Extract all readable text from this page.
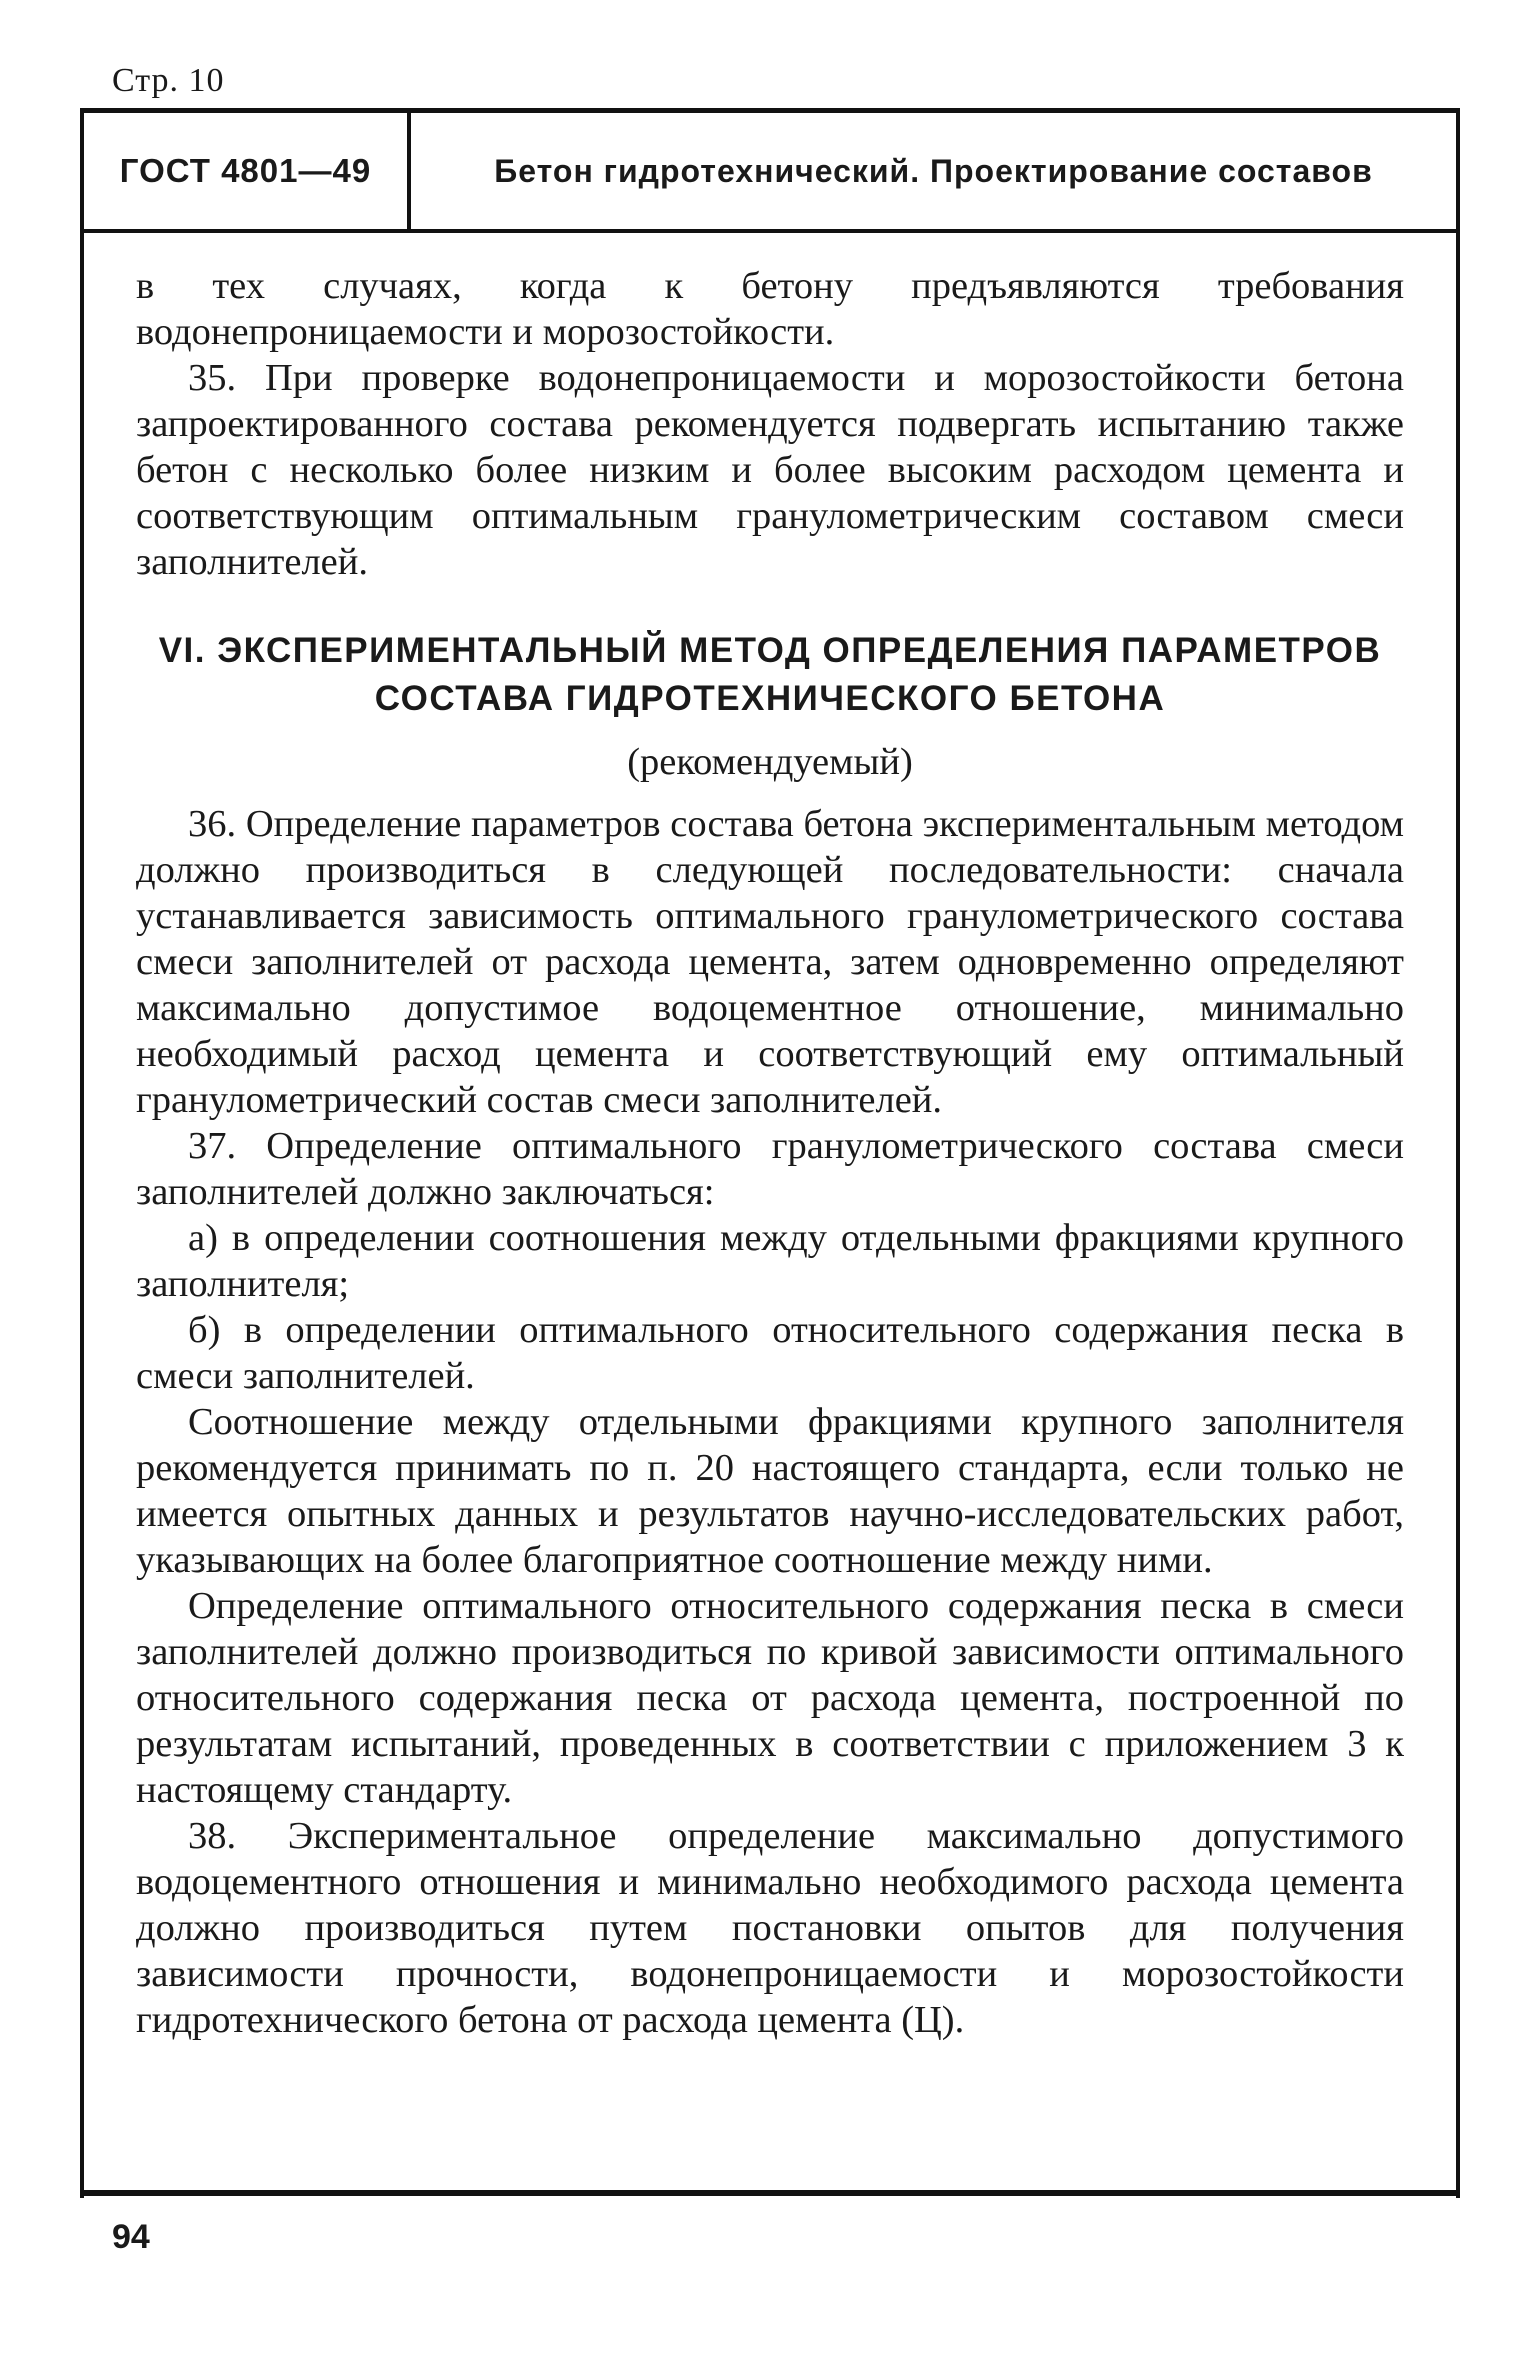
Стр. 10
ГОСТ 4801—49	Бетон гидротехнический. Проектирование составов

в тех случаях, когда к бетону предъявляются требования водонепроницаемости и морозостойкости.

35. При проверке водонепроницаемости и морозостойкости бетона запроектированного состава рекомендуется подвергать испытанию также бетон с несколько более низким и более высоким расходом цемента и соответствующим оптимальным гранулометрическим составом смеси заполнителей.

VI. ЭКСПЕРИМЕНТАЛЬНЫЙ МЕТОД ОПРЕДЕЛЕНИЯ ПАРАМЕТРОВ
СОСТАВА ГИДРОТЕХНИЧЕСКОГО БЕТОНА
(рекомендуемый)

36. Определение параметров состава бетона экспериментальным методом должно производиться в следующей последовательности: сначала устанавливается зависимость оптимального гранулометрического состава смеси заполнителей от расхода цемента, затем одновременно определяют максимально допустимое водоцементное отношение, минимально необходимый расход цемента и соответствующий ему оптимальный гранулометрический состав смеси заполнителей.

37. Определение оптимального гранулометрического состава смеси заполнителей должно заключаться:

а) в определении соотношения между отдельными фракциями крупного заполнителя;

б) в определении оптимального относительного содержания песка в смеси заполнителей.

Соотношение между отдельными фракциями крупного заполнителя рекомендуется принимать по п. 20 настоящего стандарта, если только не имеется опытных данных и результатов научно-исследовательских работ, указывающих на более благоприятное соотношение между ними.

Определение оптимального относительного содержания песка в смеси заполнителей должно производиться по кривой зависимости оптимального относительного содержания песка от расхода цемента, построенной по результатам испытаний, проведенных в соответствии с приложением 3 к настоящему стандарту.

38. Экспериментальное определение максимально допустимого водоцементного отношения и минимально необходимого расхода цемента должно производиться путем постановки опытов для получения зависимости прочности, водонепроницаемости и морозостойкости гидротехнического бетона от расхода цемента (Ц).

94
